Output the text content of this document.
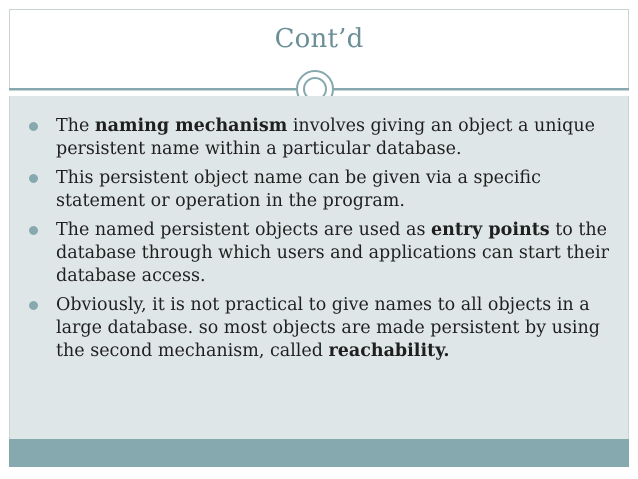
Cont’d
The naming mechanism involves giving an object a unique persistent name within a particular database.
This persistent object name can be given via a specific statement or operation in the program.
The named persistent objects are used as entry points to the database through which users and applications can start their database access.
Obviously, it is not practical to give names to all objects in a large database. so most objects are made persistent by using the second mechanism, called reachability.
